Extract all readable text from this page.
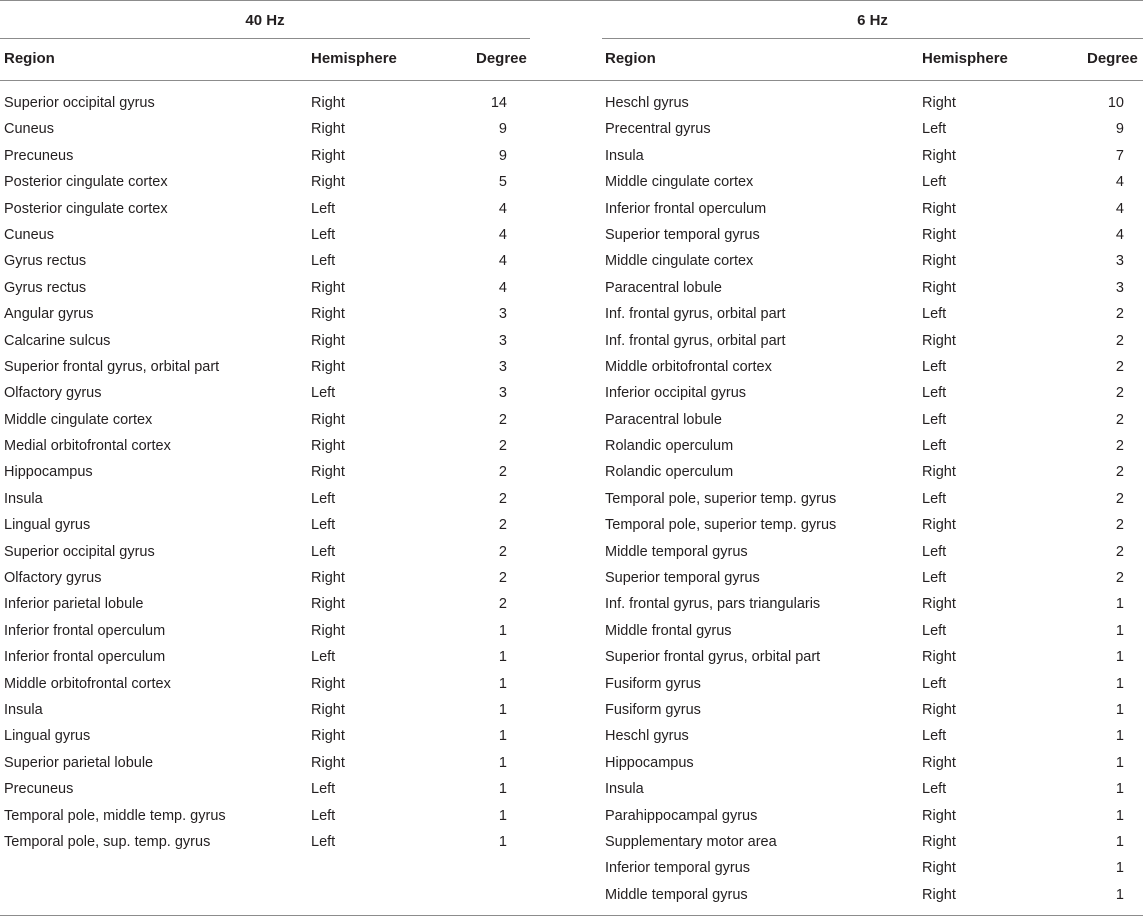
40 Hz	6 Hz
Region	Hemisphere	Degree	Region	Hemisphere	Degree
Superior occipital gyrus	Right	14
Cuneus	Right	9
Precuneus	Right	9
Posterior cingulate cortex	Right	5
Posterior cingulate cortex	Left	4
Cuneus	Left	4
Gyrus rectus	Left	4
Gyrus rectus	Right	4
Angular gyrus	Right	3
Calcarine sulcus	Right	3
Superior frontal gyrus, orbital part	Right	3
Olfactory gyrus	Left	3
Middle cingulate cortex	Right	2
Medial orbitofrontal cortex	Right	2
Hippocampus	Right	2
Insula	Left	2
Lingual gyrus	Left	2
Superior occipital gyrus	Left	2
Olfactory gyrus	Right	2
Inferior parietal lobule	Right	2
Inferior frontal operculum	Right	1
Inferior frontal operculum	Left	1
Middle orbitofrontal cortex	Right	1
Insula	Right	1
Lingual gyrus	Right	1
Superior parietal lobule	Right	1
Precuneus	Left	1
Temporal pole, middle temp. gyrus	Left	1
Temporal pole, sup. temp. gyrus	Left	1
Heschl gyrus	Right	10
Precentral gyrus	Left	9
Insula	Right	7
Middle cingulate cortex	Left	4
Inferior frontal operculum	Right	4
Superior temporal gyrus	Right	4
Middle cingulate cortex	Right	3
Paracentral lobule	Right	3
Inf. frontal gyrus, orbital part	Left	2
Inf. frontal gyrus, orbital part	Right	2
Middle orbitofrontal cortex	Left	2
Inferior occipital gyrus	Left	2
Paracentral lobule	Left	2
Rolandic operculum	Left	2
Rolandic operculum	Right	2
Temporal pole, superior temp. gyrus	Left	2
Temporal pole, superior temp. gyrus	Right	2
Middle temporal gyrus	Left	2
Superior temporal gyrus	Left	2
Inf. frontal gyrus, pars triangularis	Right	1
Middle frontal gyrus	Left	1
Superior frontal gyrus, orbital part	Right	1
Fusiform gyrus	Left	1
Fusiform gyrus	Right	1
Heschl gyrus	Left	1
Hippocampus	Right	1
Insula	Left	1
Parahippocampal gyrus	Right	1
Supplementary motor area	Right	1
Inferior temporal gyrus	Right	1
Middle temporal gyrus	Right	1
